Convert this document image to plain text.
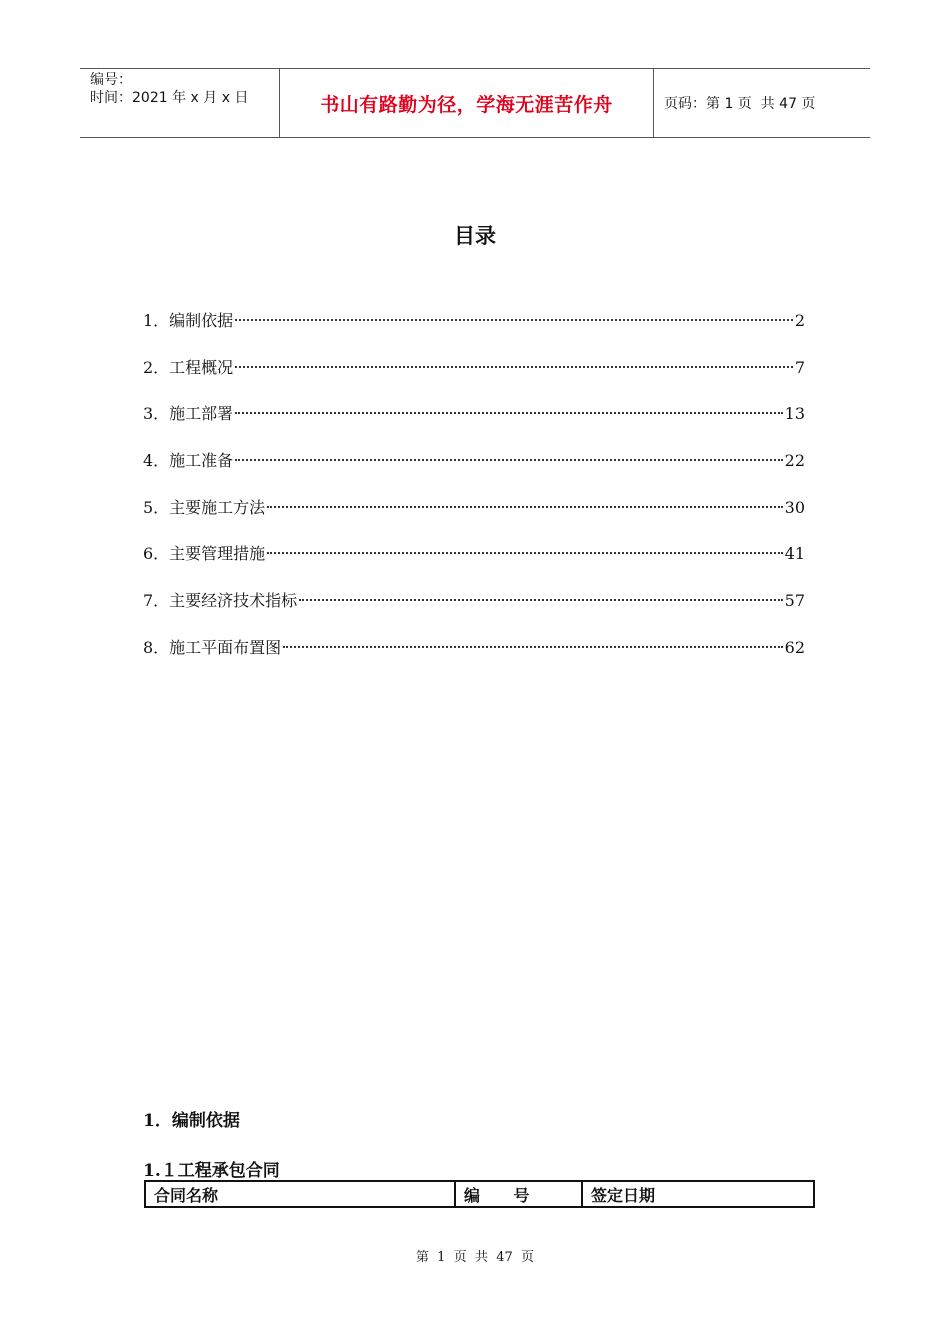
编号：
时间：2021 年 x 月 x 日	书山有路勤为径，学海无涯苦作舟	页码：第 1 页  共 47 页
目录
1．编制依据	2
2．工程概况	7
3．施工部署	13
4．施工准备	22
5．主要施工方法	30
6．主要管理措施	41
7．主要经济技术指标	57
8．施工平面布置图	62
1．编制依据
1.１工程承包合同
合同名称	编      号	签定日期
第  1  页  共  47  页
